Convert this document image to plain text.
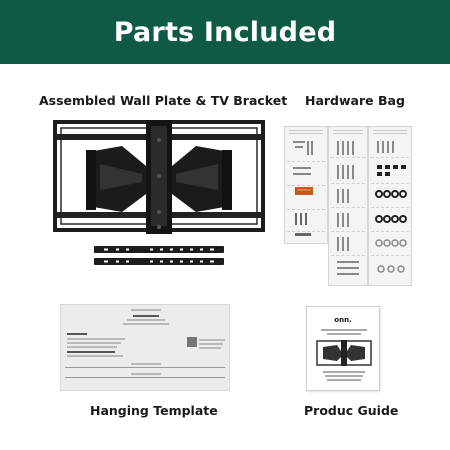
Parts Included
Assembled Wall Plate & TV Bracket Hardware Bag
Hanging Template	Produc Guide
onn.
